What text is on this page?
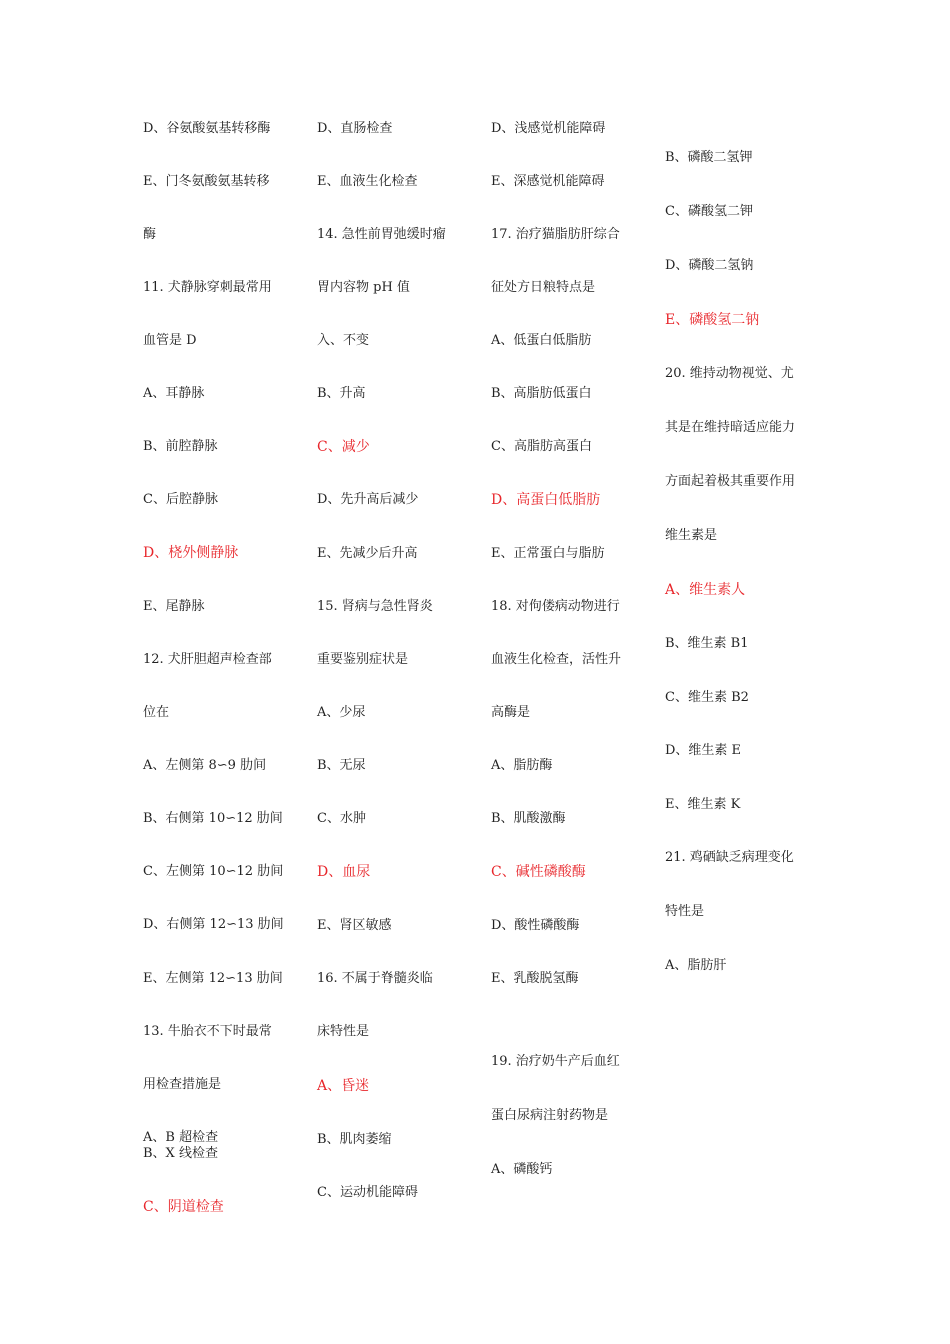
D、谷氨酸氨基转移酶
E、门冬氨酸氨基转移
酶
11. 犬静脉穿刺最常用
血管是 D
A、耳静脉
B、前腔静脉
C、后腔静脉
D、桡外侧静脉
E、尾静脉
12. 犬肝胆超声检查部
位在
A、左侧第 8∽9 肋间
B、右侧第 10∽12 肋间
C、左侧第 10∽12 肋间
D、右侧第 12∽13 肋间
E、左侧第 12∽13 肋间
13. 牛胎衣不下时最常
用检查措施是
A、B 超检查
B、X 线检查
C、阴道检查
D、直肠检查
E、血液生化检查
14. 急性前胃弛缓时瘤
胃内容物 pH 值
入、不变
B、升高
C、减少
D、先升高后减少
E、先减少后升高
15. 肾病与急性肾炎
重要鉴别症状是
A、少尿
B、无尿
C、水肿
D、血尿
E、肾区敏感
16. 不属于脊髓炎临
床特性是
A、昏迷
B、肌肉萎缩
C、运动机能障碍
D、浅感觉机能障碍
E、深感觉机能障碍
17. 治疗猫脂肪肝综合
征处方日粮特点是
A、低蛋白低脂肪
B、高脂肪低蛋白
C、高脂肪高蛋白
D、高蛋白低脂肪
E、正常蛋白与脂肪
18. 对佝偻病动物进行
血液生化检查，活性升
高酶是
A、脂肪酶
B、肌酸激酶
C、碱性磷酸酶
D、酸性磷酸酶
E、乳酸脱氢酶
19. 治疗奶牛产后血红
蛋白尿病注射药物是
A、磷酸钙
B、磷酸二氢钾
C、磷酸氢二钾
D、磷酸二氢钠
E、磷酸氢二钠
20. 维持动物视觉、尤
其是在维持暗适应能力
方面起着极其重要作用
维生素是
A、维生素人
B、维生素 B1
C、维生素 B2
D、维生素 E
E、维生素 K
21. 鸡硒缺乏病理变化
特性是
A、脂肪肝
